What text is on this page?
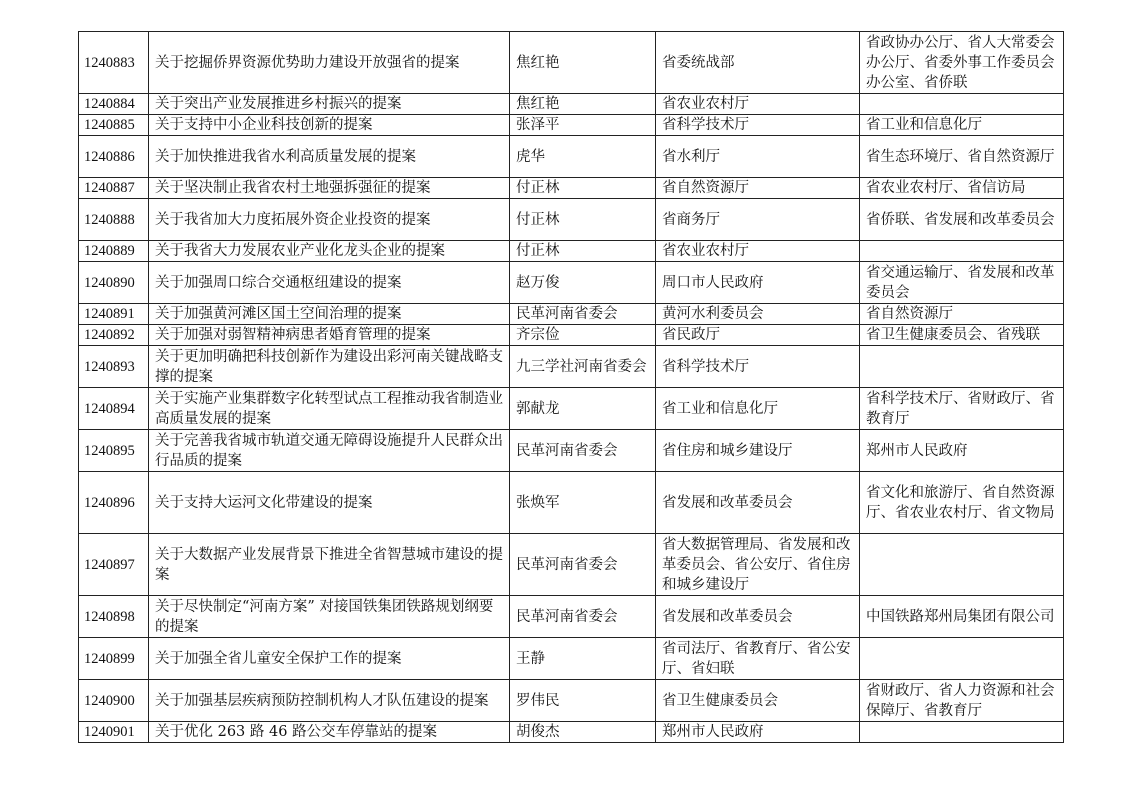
1240883	关于挖掘侨界资源优势助力建设开放强省的提案	焦红艳	省委统战部	省政协办公厅、省人大常委会办公厅、省委外事工作委员会办公室、省侨联
1240884	关于突出产业发展推进乡村振兴的提案	焦红艳	省农业农村厅	
1240885	关于支持中小企业科技创新的提案	张泽平	省科学技术厅	省工业和信息化厅
1240886	关于加快推进我省水利高质量发展的提案	虎华	省水利厅	省生态环境厅、省自然资源厅
1240887	关于坚决制止我省农村土地强拆强征的提案	付正林	省自然资源厅	省农业农村厅、省信访局
1240888	关于我省加大力度拓展外资企业投资的提案	付正林	省商务厅	省侨联、省发展和改革委员会
1240889	关于我省大力发展农业产业化龙头企业的提案	付正林	省农业农村厅	
1240890	关于加强周口综合交通枢纽建设的提案	赵万俊	周口市人民政府	省交通运输厅、省发展和改革委员会
1240891	关于加强黄河滩区国土空间治理的提案	民革河南省委会	黄河水利委员会	省自然资源厅
1240892	关于加强对弱智精神病患者婚育管理的提案	齐宗俭	省民政厅	省卫生健康委员会、省残联
1240893	关于更加明确把科技创新作为建设出彩河南关键战略支撑的提案	九三学社河南省委会	省科学技术厅	
1240894	关于实施产业集群数字化转型试点工程推动我省制造业高质量发展的提案	郭献龙	省工业和信息化厅	省科学技术厅、省财政厅、省教育厅
1240895	关于完善我省城市轨道交通无障碍设施提升人民群众出行品质的提案	民革河南省委会	省住房和城乡建设厅	郑州市人民政府
1240896	关于支持大运河文化带建设的提案	张焕军	省发展和改革委员会	省文化和旅游厅、省自然资源厅、省农业农村厅、省文物局
1240897	关于大数据产业发展背景下推进全省智慧城市建设的提案	民革河南省委会	省大数据管理局、省发展和改革委员会、省公安厅、省住房和城乡建设厅	
1240898	关于尽快制定“河南方案” 对接国铁集团铁路规划纲要的提案	民革河南省委会	省发展和改革委员会	中国铁路郑州局集团有限公司
1240899	关于加强全省儿童安全保护工作的提案	王静	省司法厅、省教育厅、省公安厅、省妇联	
1240900	关于加强基层疾病预防控制机构人才队伍建设的提案	罗伟民	省卫生健康委员会	省财政厅、省人力资源和社会保障厅、省教育厅
1240901	关于优化 263 路 46 路公交车停靠站的提案	胡俊杰	郑州市人民政府	
